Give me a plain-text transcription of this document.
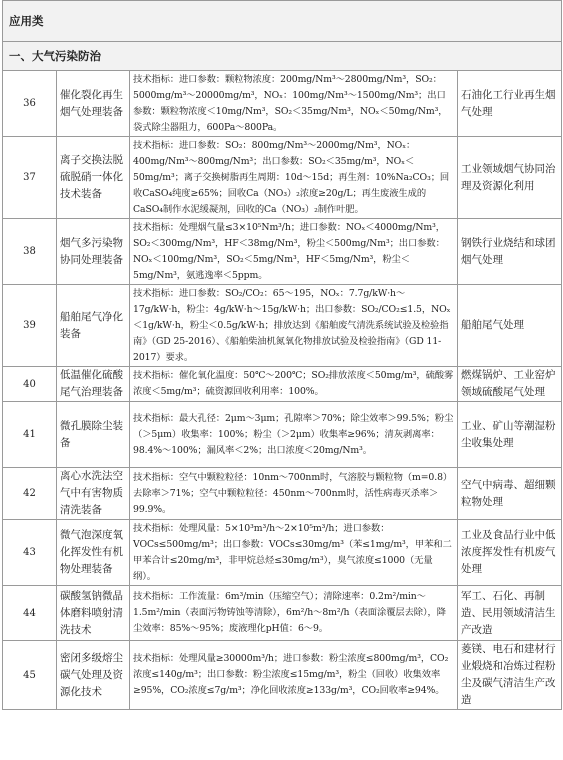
应用类			
一、大气污染防治			
36	催化裂化再生烟气处理装备	技术指标：进口参数：颗粒物浓度：200mg/Nm³～2800mg/Nm³，SO₂：5000mg/m³～20000mg/m³，NOₓ：100mg/Nm³～1500mg/Nm³；出口参数：颗粒物浓度＜10mg/Nm³，SO₂＜35mg/Nm³，NOₓ＜50mg/Nm³，袋式除尘器阻力，600Pa～800Pa。	石油化工行业再生烟气处理
37	离子交换法脱硫脱硝一体化技术装备	技术指标：进口参数：SO₂：800mg/Nm³～2000mg/Nm³，NOₓ：400mg/Nm³～800mg/Nm³；出口参数：SO₂＜35mg/m³，NOₓ＜50mg/m³；离子交换树脂再生周期：10d～15d；再生剂：10%Na₂CO₃；回收CaSO₄纯度≥65%；回收Ca（NO₃）₂浓度≥20g/L；再生废液生成的CaSO₄制作水泥缓凝剂，回收的Ca（NO₃）₂制作叶肥。	工业领域烟气协同治理及资源化利用
38	烟气多污染物协同处理装备	技术指标：处理烟气量≤3×10⁵Nm³/h；进口参数：NOₓ＜4000mg/Nm³，SO₂＜300mg/Nm³，HF＜38mg/Nm³，粉尘＜500mg/Nm³；出口参数：NOₓ＜100mg/Nm³，SO₂＜5mg/Nm³，HF＜5mg/Nm³，粉尘＜5mg/Nm³，氨逃逸率＜5ppm。	钢铁行业烧结和球团烟气处理
39	船舶尾气净化装备	技术指标：进口参数：SO₂/CO₂：65～195，NOₓ：7.7g/kW·h～17g/kW·h，粉尘：4g/kW·h～15g/kW·h；出口参数：SO₂/CO₂≤1.5，NOₓ＜1g/kW·h，粉尘＜0.5g/kW·h；排放达到《船舶废气清洗系统试验及检验指南》（GD 25-2016）、《船舶柴油机氮氧化物排放试验及检验指南》（GD 11-2017）要求。	船舶尾气处理
40	低温催化硫酸尾气治理装备	技术指标：催化氧化温度：50℃～200℃；SO₂排放浓度＜50mg/m³，硫酸雾浓度＜5mg/m³；硫资源回收利用率：100%。	燃煤锅炉、工业窑炉领域硫酸尾气处理
41	微孔膜除尘装备	技术指标：最大孔径：2μm～3μm；孔隙率＞70%；除尘效率＞99.5%；粉尘（＞5μm）收集率：100%；粉尘（＞2μm）收集率≥96%；清灰剥离率：98.4%～100%；漏风率＜2%；出口浓度＜20mg/Nm³。	工业、矿山等潮湿粉尘收集处理
42	离心水洗法空气中有害物质清洗装备	技术指标：空气中颗粒粒径：10nm～700nm时，气溶胶与颗粒物（m=0.8）去除率＞71%；空气中颗粒粒径：450nm～700nm时，活性病毒灭杀率＞99.9%。	空气中病毒、超细颗粒物处理
43	微气泡深度氧化挥发性有机物处理装备	技术指标：处理风量：5×10³m³/h～2×10⁵m³/h；进口参数：VOCs≤500mg/m³；出口参数：VOCs≤30mg/m³（苯≤1mg/m³，甲苯和二甲苯合计≤20mg/m³，非甲烷总烃≤30mg/m³），臭气浓度≤1000（无量纲）。	工业及食品行业中低浓度挥发性有机废气处理
44	碳酸氢钠微晶体磨料喷射清洗技术	技术指标：工作流量：6m³/min（压缩空气）；清除速率：0.2m²/min～1.5m²/min（表面污物铸蚀等清除），6m²/h～8m²/h（表面涂覆层去除），降尘效率：85%～95%；废液理化pH值：6～9。	军工、石化、再制造、民用领域清洁生产改造
45	密闭多级熔尘碳气处理及资源化技术	技术指标：处理风量≥30000m³/h；进口参数：粉尘浓度≤800mg/m³，CO₂浓度≤140g/m³；出口参数：粉尘浓度≤15mg/m³，粉尘（回收）收集效率≥95%，CO₂浓度≤7g/m³；净化回收浓度≥133g/m³，CO₂回收率≥94%。	菱镁、电石和建材行业煅烧和冶炼过程粉尘及碳气清洁生产改造
